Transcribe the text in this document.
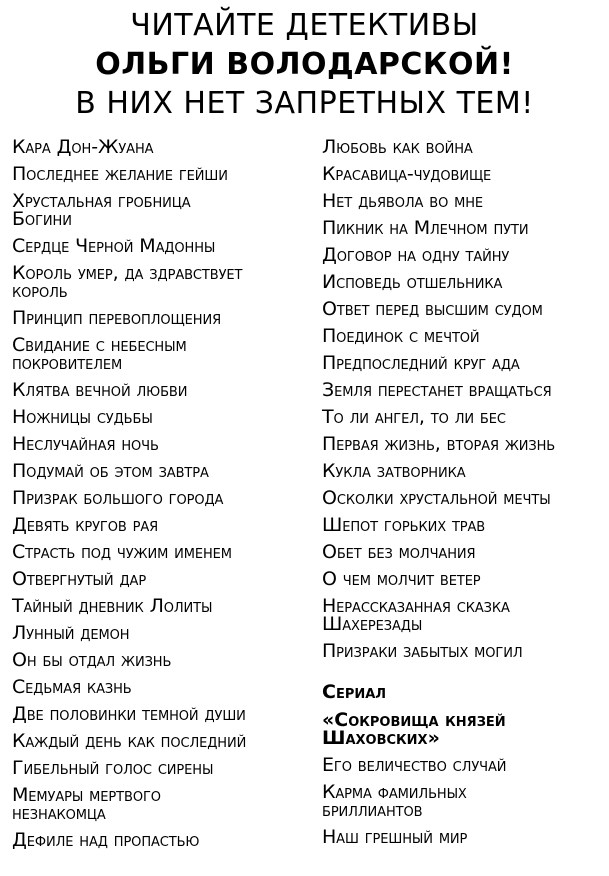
ЧИТАЙТЕ ДЕТЕКТИВЫ
ОЛЬГИ ВОЛОДАРСКОЙ!
В НИХ НЕТ ЗАПРЕТНЫХ ТЕМ!
Кара Дон-Жуана
Последнее желание гейши
Хрустальная гробница
Богини
Сердце Черной Мадонны
Король умер, да здравствует
король
Принцип перевоплощения
Свидание с небесным
покровителем
Клятва вечной любви
Ножницы судьбы
Неслучайная ночь
Подумай об этом завтра
Призрак большого города
Девять кругов рая
Страсть под чужим именем
Отвергнутый дар
Тайный дневник Лолиты
Лунный демон
Он бы отдал жизнь
Седьмая казнь
Две половинки темной души
Каждый день как последний
Гибельный голос сирены
Мемуары мертвого
незнакомца
Дефиле над пропастью
Любовь как война
Красавица-чудовище
Нет дьявола во мне
Пикник на Млечном пути
Договор на одну тайну
Исповедь отшельника
Ответ перед высшим судом
Поединок с мечтой
Предпоследний круг ада
Земля перестанет вращаться
То ли ангел, то ли бес
Первая жизнь, вторая жизнь
Кукла затворника
Осколки хрустальной мечты
Шепот горьких трав
Обет без молчания
О чем молчит ветер
Нерассказанная сказка
Шахерезады
Призраки забытых могил
Сериал
«Сокровища князей
Шаховских»
Его величество случай
Карма фамильных
бриллиантов
Наш грешный мир
